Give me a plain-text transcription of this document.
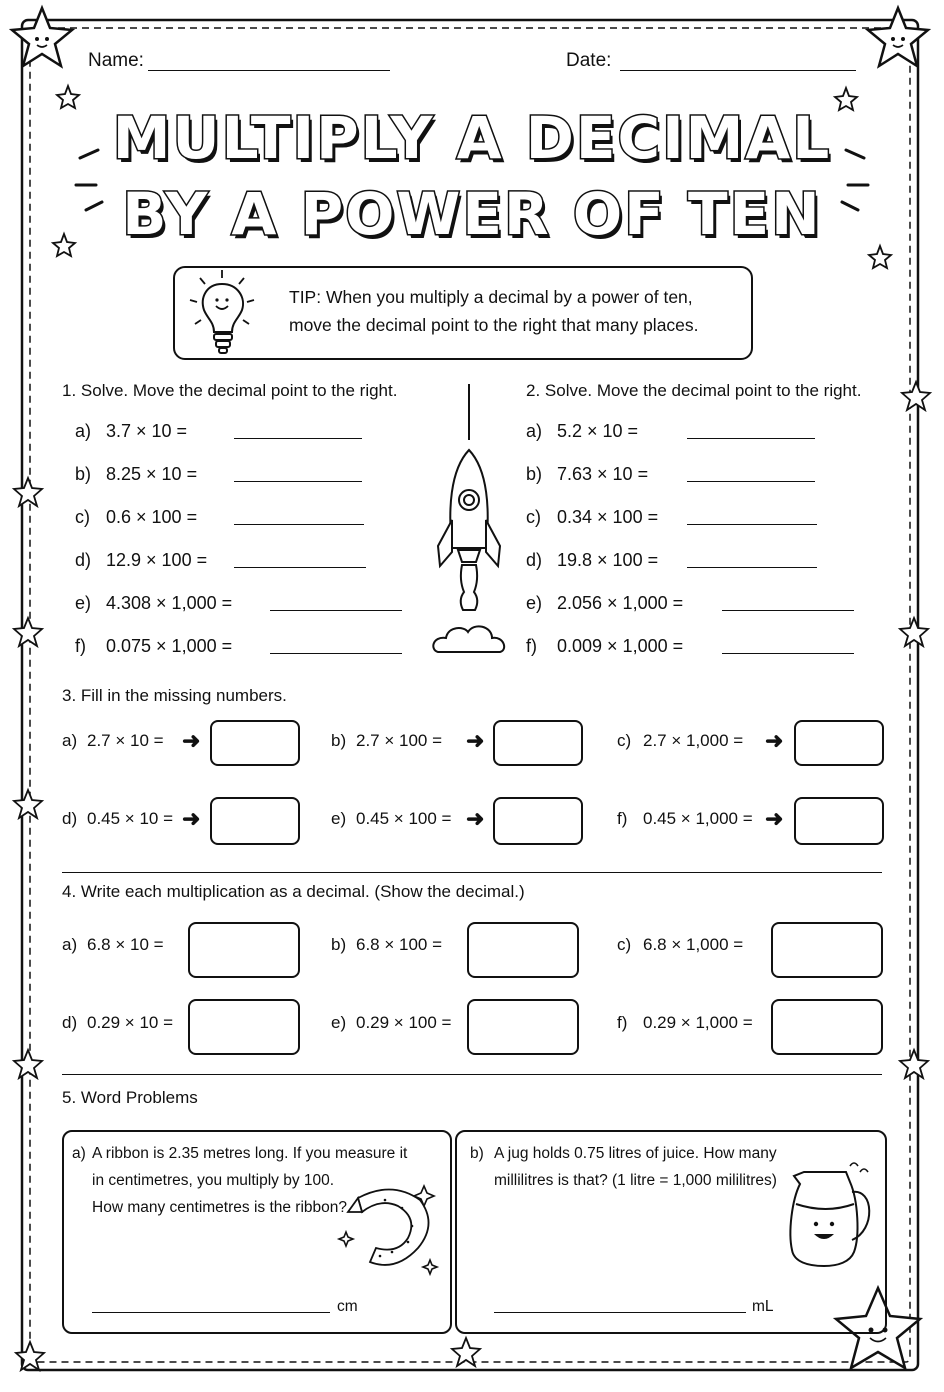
Name:	Date:
MULTIPLY A DECIMAL
BY A POWER OF TEN
TIP: When you multiply a decimal by a power of ten,
move the decimal point to the right that many places.
1. Solve. Move the decimal point to the right.
a) 3.7 × 10 =
b) 8.25 × 10 =
c) 0.6 × 100 =
d) 12.9 × 100 =
e) 4.308 × 1,000 =
f) 0.075 × 1,000 =
2. Solve. Move the decimal point to the right.
a) 5.2 × 10 =
b) 7.63 × 10 =
c) 0.34 × 100 =
d) 19.8 × 100 =
e) 2.056 × 1,000 =
f) 0.009 × 1,000 =
3. Fill in the missing numbers.
a) 2.7 × 10 = ➜	b) 2.7 × 100 = ➜	c) 2.7 × 1,000 = ➜
d) 0.45 × 10 = ➜	e) 0.45 × 100 = ➜	f) 0.45 × 1,000 = ➜
4. Write each multiplication as a decimal. (Show the decimal.)
a) 6.8 × 10 =	b) 6.8 × 100 =	c) 6.8 × 1,000 =
d) 0.29 × 10 =	e) 0.29 × 100 =	f) 0.29 × 1,000 =
5. Word Problems
a) A ribbon is 2.35 metres long. If you measure it
in centimetres, you multiply by 100.
How many centimetres is the ribbon?
cm
b) A jug holds 0.75 litres of juice. How many
millilitres is that? (1 litre = 1,000 mililitres)
mL
